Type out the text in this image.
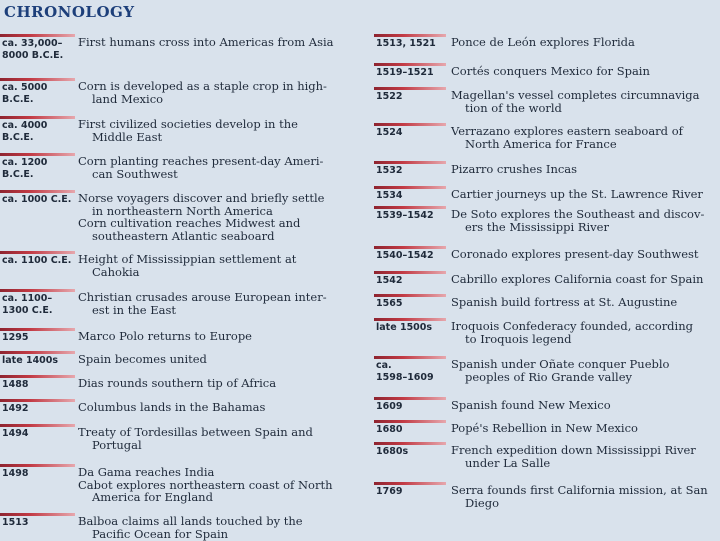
CHRONOLOGY
ca. 33,000–
8000 B.C.E.
First humans cross into Americas from Asia
ca. 5000
B.C.E.
Corn is developed as a staple crop in high-
land Mexico
ca. 4000
B.C.E.
First civilized societies develop in the
Middle East
ca. 1200
B.C.E.
Corn planting reaches present-day Ameri-
can Southwest
ca. 1000 C.E. Norse voyagers discover and briefly settle
in northeastern North America
Corn cultivation reaches Midwest and
southeastern Atlantic seaboard
ca. 1100 C.E. Height of Mississippian settlement at
Cahokia
ca. 1100–
1300 C.E.
Christian crusades arouse European inter-
est in the East
1295	Marco Polo returns to Europe
late 1400s	Spain becomes united
1488	Dias rounds southern tip of Africa
1492	Columbus lands in the Bahamas
1494	Treaty of Tordesillas between Spain and
Portugal
1498	Da Gama reaches India
Cabot explores northeastern coast of North
America for England
1513	Balboa claims all lands touched by the
Pacific Ocean for Spain
1513, 1521	Ponce de León explores Florida
1519–1521	Cortés conquers Mexico for Spain
1522	Magellan's vessel completes circumnaviga
tion of the world
1524	Verrazano explores eastern seaboard of
North America for France
1532	Pizarro crushes Incas
1534	Cartier journeys up the St. Lawrence River
1539–1542	De Soto explores the Southeast and discov-
ers the Mississippi River
1540–1542	Coronado explores present-day Southwest
1542	Cabrillo explores California coast for Spain
1565	Spanish build fortress at St. Augustine
late 1500s	Iroquois Confederacy founded, according
to Iroquois legend
ca.
1598–1609
Spanish under Oñate conquer Pueblo
peoples of Rio Grande valley
1609	Spanish found New Mexico
1680	Popé's Rebellion in New Mexico
1680s	French expedition down Mississippi River
under La Salle
1769	Serra founds first California mission, at San
Diego
